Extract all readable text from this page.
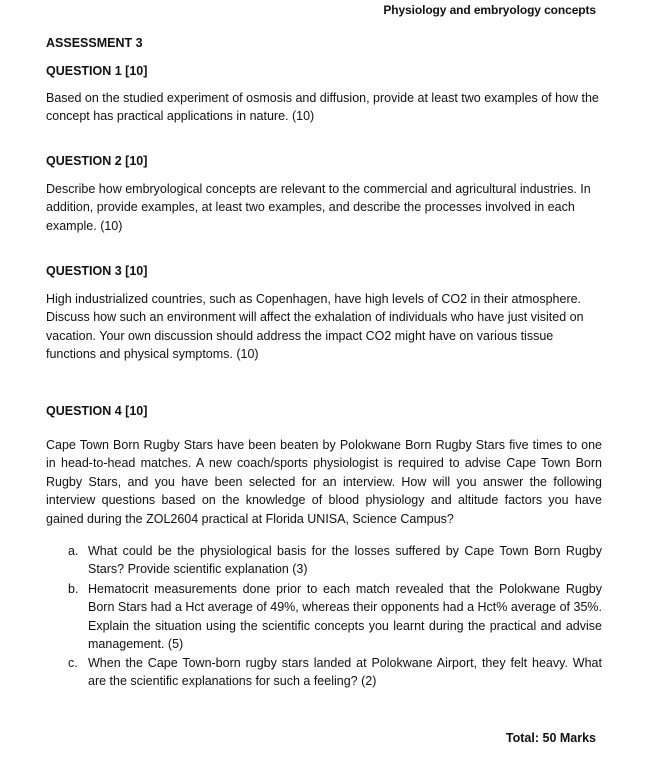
Physiology and embryology concepts
ASSESSMENT 3
QUESTION 1 [10]
Based on the studied experiment of osmosis and diffusion, provide at least two examples of how the concept has practical applications in nature. (10)
QUESTION 2 [10]
Describe how embryological concepts are relevant to the commercial and agricultural industries. In addition, provide examples, at least two examples, and describe the processes involved in each example. (10)
QUESTION 3 [10]
High industrialized countries, such as Copenhagen, have high levels of CO2 in their atmosphere. Discuss how such an environment will affect the exhalation of individuals who have just visited on vacation. Your own discussion should address the impact CO2 might have on various tissue functions and physical symptoms. (10)
QUESTION 4 [10]
Cape Town Born Rugby Stars have been beaten by Polokwane Born Rugby Stars five times to one in head-to-head matches. A new coach/sports physiologist is required to advise Cape Town Born Rugby Stars, and you have been selected for an interview. How will you answer the following interview questions based on the knowledge of blood physiology and altitude factors you have gained during the ZOL2604 practical at Florida UNISA, Science Campus?
a. What could be the physiological basis for the losses suffered by Cape Town Born Rugby Stars? Provide scientific explanation (3)
b. Hematocrit measurements done prior to each match revealed that the Polokwane Rugby Born Stars had a Hct average of 49%, whereas their opponents had a Hct% average of 35%. Explain the situation using the scientific concepts you learnt during the practical and advise management. (5)
c. When the Cape Town-born rugby stars landed at Polokwane Airport, they felt heavy. What are the scientific explanations for such a feeling? (2)
Total: 50 Marks
